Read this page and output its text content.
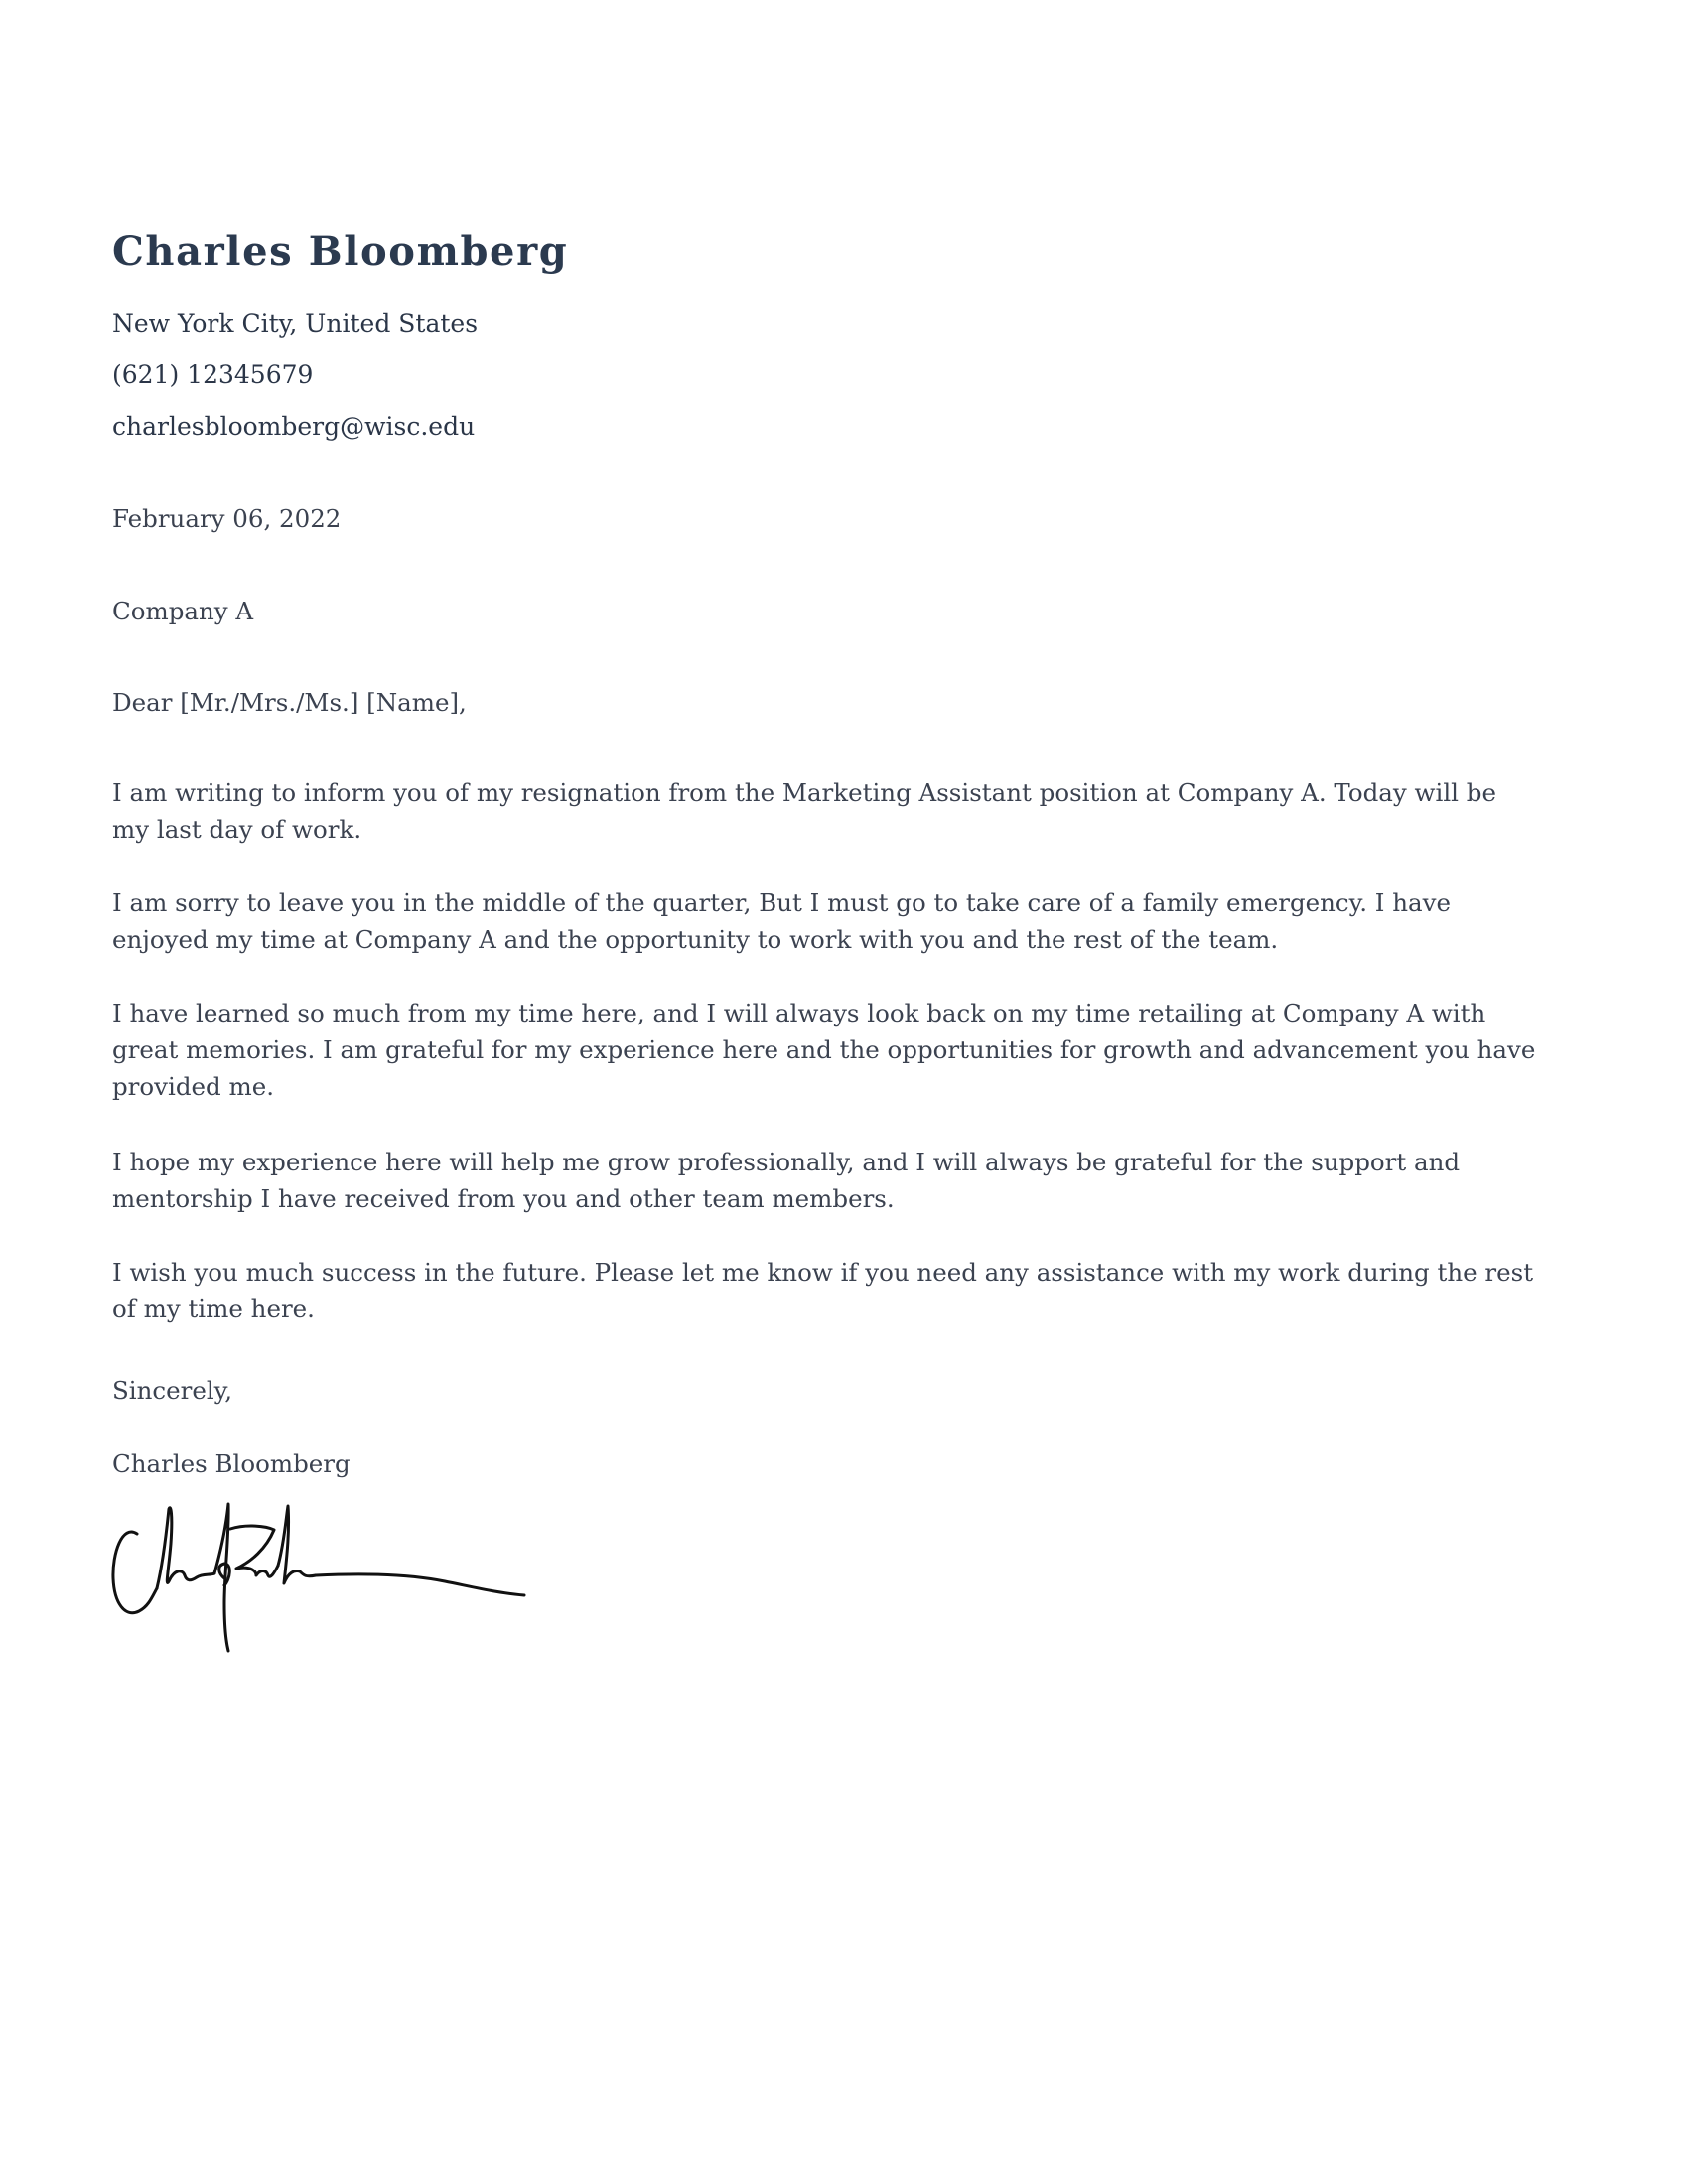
Charles Bloomberg
New York City, United States
(621) 12345679
charlesbloomberg@wisc.edu
February 06, 2022
Company A
Dear [Mr./Mrs./Ms.] [Name],
I am writing to inform you of my resignation from the Marketing Assistant position at Company A. Today will be
my last day of work.
I am sorry to leave you in the middle of the quarter, But I must go to take care of a family emergency. I have
enjoyed my time at Company A and the opportunity to work with you and the rest of the team.
I have learned so much from my time here, and I will always look back on my time retailing at Company A with
great memories. I am grateful for my experience here and the opportunities for growth and advancement you have
provided me.
I hope my experience here will help me grow professionally, and I will always be grateful for the support and
mentorship I have received from you and other team members.
I wish you much success in the future. Please let me know if you need any assistance with my work during the rest
of my time here.
Sincerely,
Charles Bloomberg
